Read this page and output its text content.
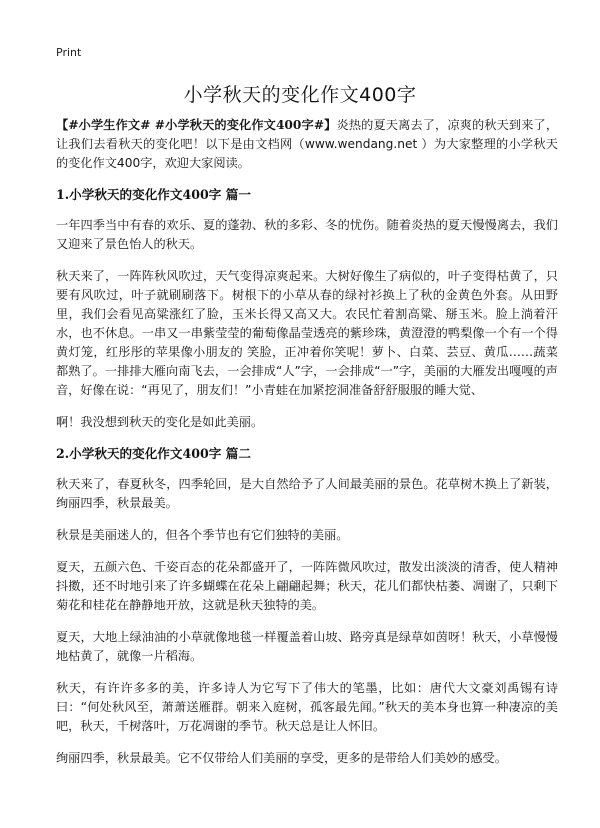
Print
小学秋天的变化作文400字

【#小学生作文# #小学秋天的变化作文400字#】炎热的夏天离去了，凉爽的秋天到来了，让我们去看秋天的变化吧！以下是由文档网（www.wendang.net ）为大家整理的小学秋天的变化作文400字，欢迎大家阅读。

1.小学秋天的变化作文400字 篇一

一年四季当中有春的欢乐、夏的蓬勃、秋的多彩、冬的忧伤。随着炎热的夏天慢慢离去，我们又迎来了景色怡人的秋天。

秋天来了，一阵阵秋风吹过，天气变得凉爽起来。大树好像生了病似的，叶子变得枯黄了，只要有风吹过，叶子就刷刷落下。树根下的小草从春的绿衬衫换上了秋的金黄色外套。从田野里，我们会看见高粱涨红了脸，玉米长得又高又大。农民忙着割高粱、掰玉米。脸上淌着汗水，也不休息。一串又一串紫莹莹的葡萄像晶莹透亮的紫珍珠，黄澄澄的鸭梨像一个有一个得黄灯笼，红彤彤的苹果像小朋友的 笑脸，正冲着你笑呢！萝卜、白菜、芸豆、黄瓜……蔬菜都熟了。一排排大雁向南飞去，一会排成“人”字，一会排成“一”字，美丽的大雁发出嘎嘎的声音，好像在说：“再见了，朋友们！”小青蛙在加紧挖洞准备舒舒服服的睡大觉、

啊！我没想到秋天的变化是如此美丽。

2.小学秋天的变化作文400字 篇二

秋天来了，春夏秋冬，四季轮回，是大自然给予了人间最美丽的景色。花草树木换上了新装，绚丽四季，秋景最美。

秋景是美丽迷人的，但各个季节也有它们独特的美丽。

夏天，五颜六色、千姿百态的花朵都盛开了，一阵阵微风吹过，散发出淡淡的清香，使人精神抖擞，还不时地引来了许多蝴蝶在花朵上翩翩起舞；秋天，花儿们都快枯萎、凋谢了，只剩下菊花和桂花在静静地开放，这就是秋天独特的美。

夏天，大地上绿油油的小草就像地毯一样覆盖着山坡、路旁真是绿草如茵呀！秋天，小草慢慢地枯黄了，就像一片稻海。

秋天，有许许多多的美，许多诗人为它写下了伟大的笔墨，比如：唐代大文豪刘禹锡有诗曰：“何处秋风至，萧萧送雁群。朝来入庭树，孤客最先闻。”秋天的美本身也算一种凄凉的美吧，秋天，千树落叶，万花凋谢的季节。秋天总是让人怀旧。

绚丽四季，秋景最美。它不仅带给人们美丽的享受，更多的是带给人们美妙的感受。
